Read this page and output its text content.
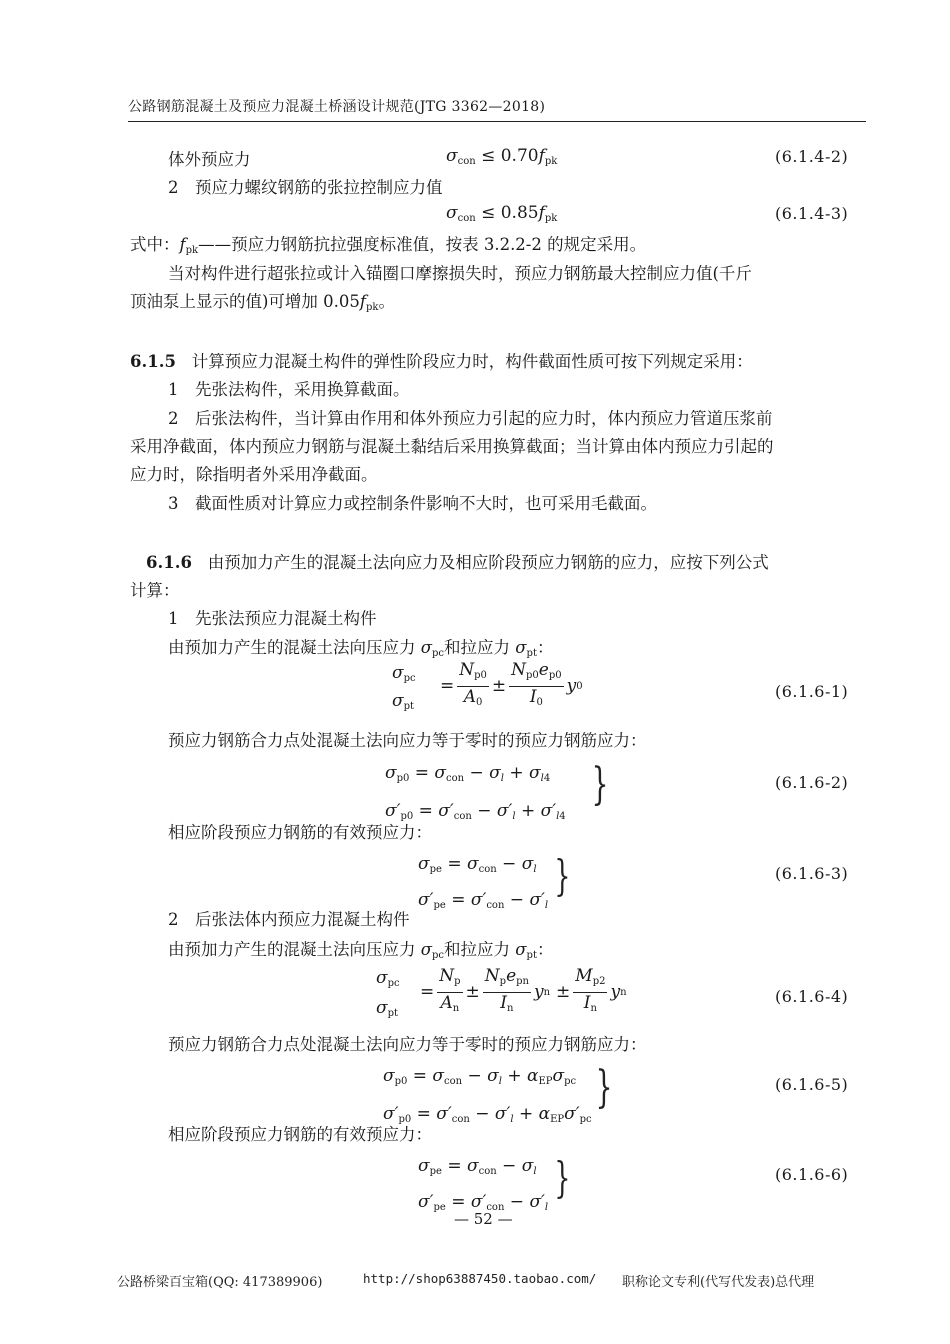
公路钢筋混凝土及预应力混凝土桥涵设计规范(JTG 3362—2018)
体外预应力	$\sigma_{con} \le 0.70f_{pk}$	(6.1.4-2)
2　预应力螺纹钢筋的张拉控制应力值
$\sigma_{con} \le 0.85f_{pk}$	(6.1.4-3)
式中：$f_{pk}——$预应力钢筋抗拉强度标准值，按表 3.2.2-2 的规定采用。
当对构件进行超张拉或计入锚圈口摩擦损失时，预应力钢筋最大控制应力值(千斤
顶油泵上显示的值)可增加 $0.05f_{pk}$。
6.1.5 计算预应力混凝土构件的弹性阶段应力时，构件截面性质可按下列规定采用：
1　先张法构件，采用换算截面。
2　后张法构件，当计算由作用和体外预应力引起的应力时，体内预应力管道压浆前
采用净截面，体内预应力钢筋与混凝土黏结后采用换算截面；当计算由体内预应力引起的
应力时，除指明者外采用净截面。
3　截面性质对计算应力或控制条件影响不大时，也可采用毛截面。
6.1.6 由预加力产生的混凝土法向应力及相应阶段预应力钢筋的应力，应按下列公式
计算：
1　先张法预应力混凝土构件
由预加力产生的混凝土法向压应力 $\sigma_{pc}$和拉应力 $\sigma_{pt}$：
$\sigma_{pc}$
$\sigma_{pt}$
= $\frac{N_{p0}}{A_0} \pm \frac{N_{p0}e_{p0}}{I_0}$ y 0	(6.1.6-1)
预应力钢筋合力点处混凝土法向应力等于零时的预应力钢筋应力：
$\sigma_{p0} = \sigma_{con} - \sigma_l + \sigma_{l4}$
$\sigma'_{p0} = \sigma'_{con} - \sigma'_l + \sigma'_{l4}$
}	(6.1.6-2)
相应阶段预应力钢筋的有效预应力：
$\sigma_{pe} = \sigma_{con} - \sigma_l$
$\sigma'_{pe} = \sigma'_{con} - \sigma'_l$
}	(6.1.6-3)
2　后张法体内预应力混凝土构件
由预加力产生的混凝土法向压应力 $\sigma_{pc}$和拉应力 $\sigma_{pt}$：
$\sigma_{pc}$
$\sigma_{pt}$
= $\frac{N_p}{A_n} \pm \frac{N_pe_{pn}}{I_n}$ y $n \pm \frac{M_{p2}}{I_n}$ y n	(6.1.6-4)
预应力钢筋合力点处混凝土法向应力等于零时的预应力钢筋应力：
$\sigma_{p0} = \sigma_{con} - \sigma_l + \alpha_{EP}\sigma_{pc}$
$\sigma'_{p0} = \sigma'_{con} - \sigma'_l + \alpha_{EP}\sigma'_{pc}$
}	(6.1.6-5)
相应阶段预应力钢筋的有效预应力：
$\sigma_{pe} = \sigma_{con} - \sigma_l$
$\sigma'_{pe} = \sigma'_{con} - \sigma'_l$
}	(6.1.6-6)
— 52 —
公路桥梁百宝箱(QQ: 417389906)	http://shop63887450.taobao.com/ 职称论文专利(代写代发表)总代理
